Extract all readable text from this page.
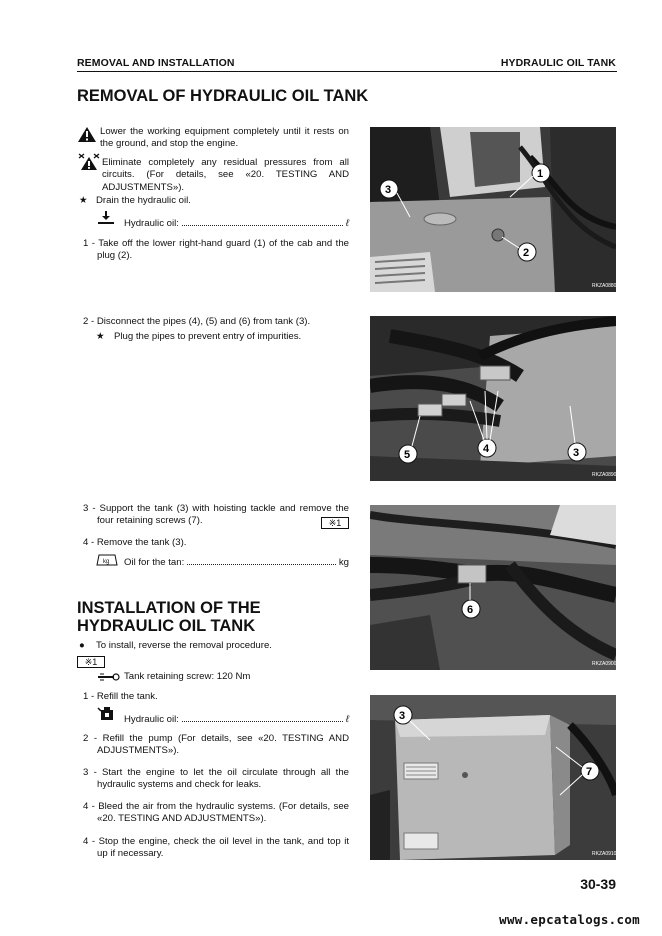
REMOVAL AND INSTALLATION	HYDRAULIC OIL TANK
REMOVAL OF HYDRAULIC OIL TANK
Lower the working equipment completely until it rests on the ground, and stop the engine.
Eliminate completely any residual pressures from all circuits. (For details, see «20. TESTING AND ADJUSTMENTS»).
★ Drain the hydraulic oil.
Hydraulic oil:	ℓ
1 - Take off the lower right-hand guard (1) of the cab and the plug (2).
2 - Disconnect the pipes (4), (5) and (6) from tank (3).
★ Plug the pipes to prevent entry of impurities.
3 - Support the tank (3) with hoisting tackle and remove the four retaining screws (7).	※1
4 - Remove the tank (3).
kg Oil for the tan:	kg
INSTALLATION OF THE
HYDRAULIC OIL TANK
● To install, reverse the removal procedure.
※1
Tank retaining screw: 120 Nm
1 - Refill the tank.
Hydraulic oil:	ℓ
2 - Refill the pump (For details, see «20. TESTING AND ADJUSTMENTS»).
3 - Start the engine to let the oil circulate through all the hydraulic systems and check for leaks.
4 - Bleed the air from the hydraulic systems. (For details, see «20. TESTING AND ADJUSTMENTS»).
4 - Stop the engine, check the oil level in the tank, and top it up if necessary.
1
2
3
RKZA0880
4
5	3
RKZA0890
6
RKZA0900
3
7
RKZA0910
30-39
www.epcatalogs.com
